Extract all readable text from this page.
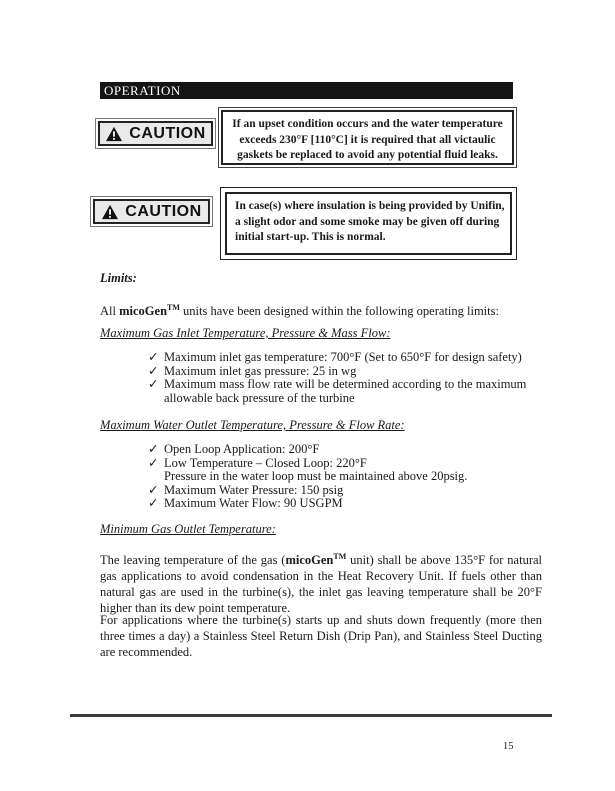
OPERATION
CAUTION
If an upset condition occurs and the water temperature exceeds 230°F [110°C] it is required that all victaulic gaskets be replaced to avoid any potential fluid leaks.
CAUTION	In case(s) where insulation is being provided by Unifin, a slight odor and some smoke may be given off during initial start-up. This is normal.
Limits:
All micoGen™ units have been designed within the following operating limits:
Maximum Gas Inlet Temperature, Pressure & Mass Flow:
✓ Maximum inlet gas temperature: 700°F (Set to 650°F for design safety)
✓ Maximum inlet gas pressure: 25 in wg
✓ Maximum mass flow rate will be determined according to the maximum allowable back pressure of the turbine
Maximum Water Outlet Temperature, Pressure & Flow Rate:
✓ Open Loop Application: 200°F
✓ Low Temperature – Closed Loop: 220°F
Pressure in the water loop must be maintained above 20psig.
✓ Maximum Water Pressure: 150 psig
✓ Maximum Water Flow: 90 USGPM
Minimum Gas Outlet Temperature:
The leaving temperature of the gas (micoGen™ unit) shall be above 135°F for natural gas applications to avoid condensation in the Heat Recovery Unit. If fuels other than natural gas are used in the turbine(s), the inlet gas leaving temperature shall be 20°F higher than its dew point temperature.
For applications where the turbine(s) starts up and shuts down frequently (more then three times a day) a Stainless Steel Return Dish (Drip Pan), and Stainless Steel Ducting are recommended.
15
